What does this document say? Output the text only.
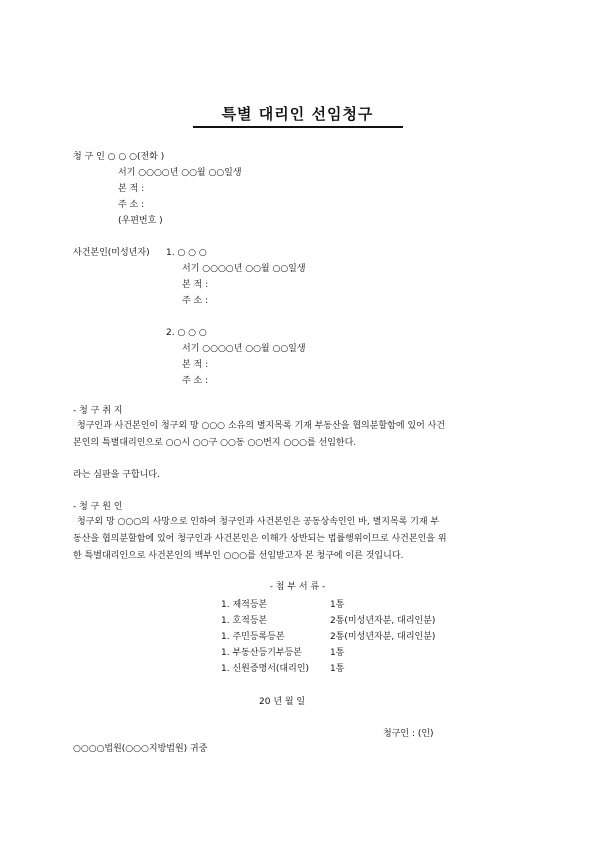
특별 대리인 선임청구
청 구 인 ○ ○ ○(전화 )
서기 ○○○○년 ○○월 ○○일생
본 적 :
주 소 :
(우편번호 )
사건본인(미성년자) 1. ○ ○ ○
서기 ○○○○년 ○○월 ○○일생
본 적 :
주 소 :
2. ○ ○ ○
서기 ○○○○년 ○○월 ○○일생
본 적 :
주 소 :
- 청 구 취 지
청구인과 사건본인이 청구외 망 ○○○ 소유의 별지목록 기재 부동산을 협의분할함에 있어 사건
본인의 특별대리인으로 ○○시 ○○구 ○○동 ○○번지 ○○○를 선임한다.
라는 심판을 구합니다.
- 청 구 원 인
청구외 망 ○○○의 사망으로 인하여 청구인과 사건본인은 공동상속인인 바, 별지목록 기재 부
동산을 협의분할함에 있어 청구인과 사건본인은 이해가 상반되는 법률행위이므로 사건본인을 위
한 특별대리인으로 사건본인의 백부인 ○○○를 선임받고자 본 청구에 이른 것입니다.
- 첨 부 서 류 -
1. 제적등본	1통
1. 호적등본	2통(미성년자분, 대리인분)
1. 주민등록등본	2통(미성년자분, 대리인분)
1. 부동산등기부등본	1통
1. 신원증명서(대리인) 1통
20 년 월 일
청구인 : (인)
○○○○법원(○○○지방법원) 귀중
